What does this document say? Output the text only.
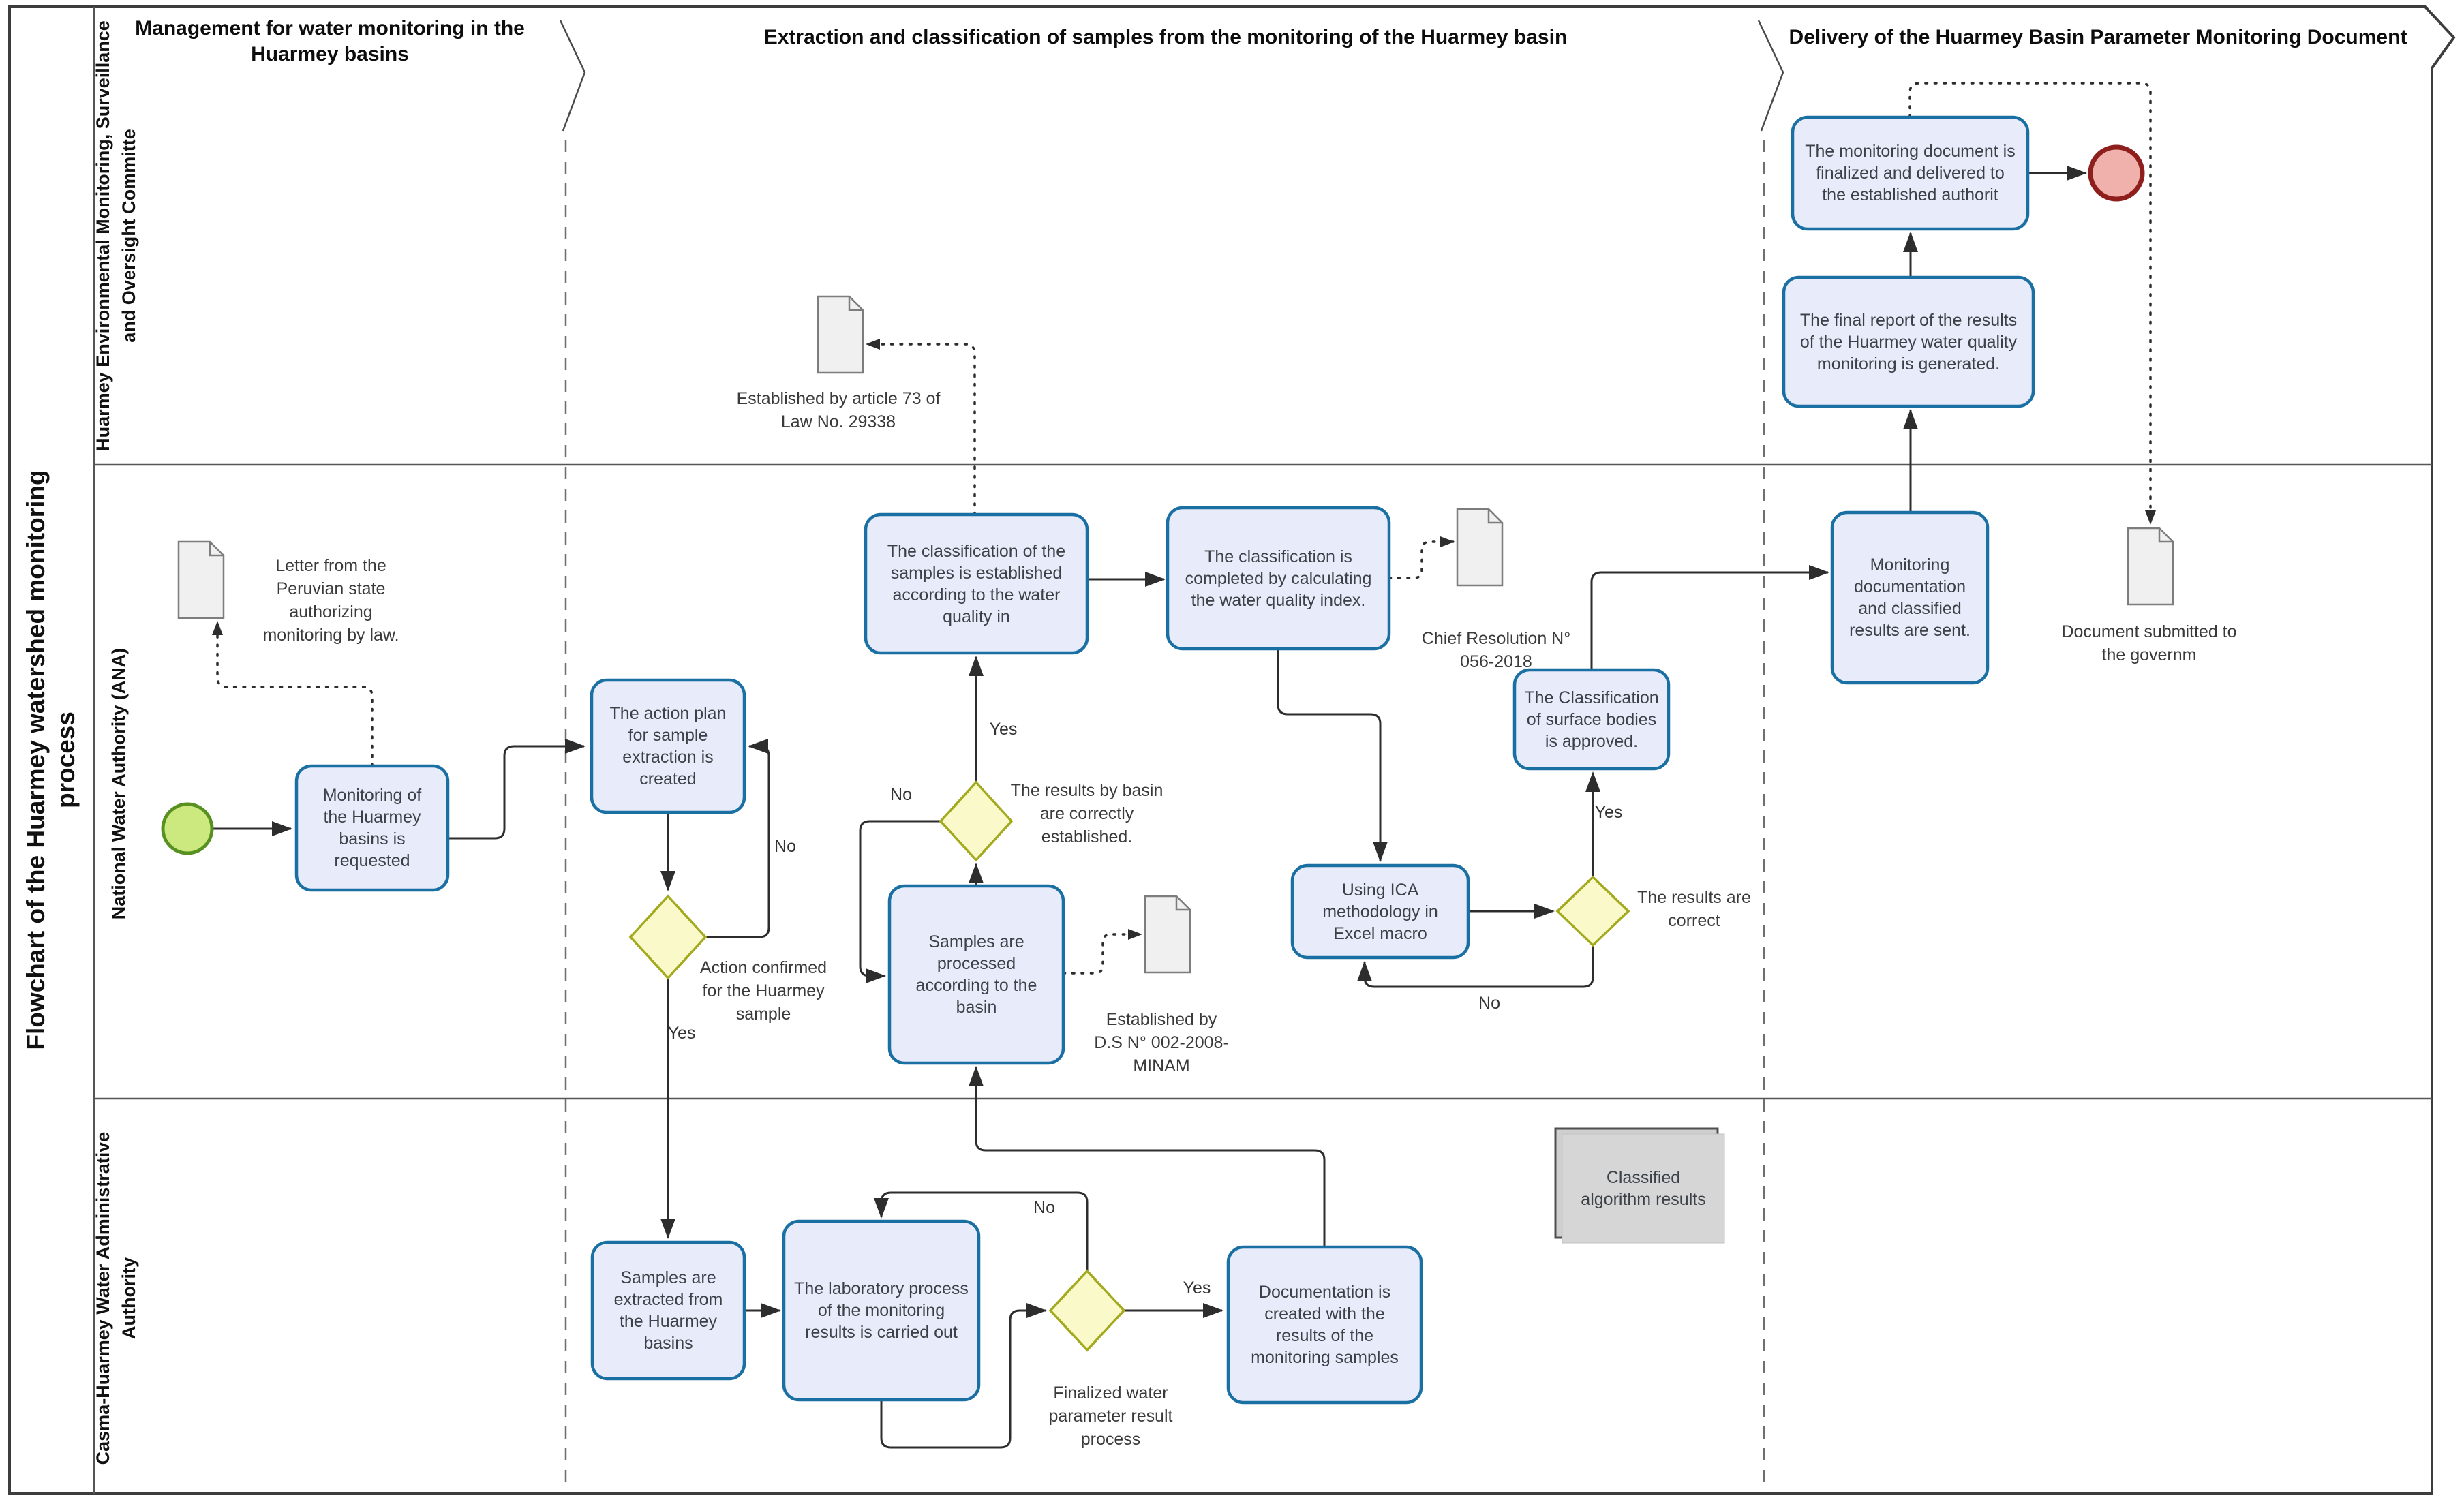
Flowchart of the Huarmey watershed monitoring process
Huarmey Environmental Monitoring, Surveillance and Oversight Committe
National Water Authority (ANA)
Casma-Huarmey Water Administrative Authority
Management for water monitoring in the Huarmey basins
Extraction and classification of samples from the monitoring of the Huarmey basin	Delivery of the Huarmey Basin Parameter Monitoring Document
Monitoring of the Huarmey basins is requested
The action plan for sample extraction is created
Samples are processed according to the basin
The classification of the samples is established according to the water quality in
The classification is completed by calculating the water quality index.
Using ICA methodology in Excel macro
The Classification of surface bodies is approved.
Monitoring documentation and classified results are sent.
The monitoring document is finalized and delivered to the established authorit
The final report of the results of the Huarmey water quality monitoring is generated.
Samples are extracted from the Huarmey basins
The laboratory process of the monitoring results is carried out
Documentation is created with the results of the monitoring samples
Classified algorithm results
Letter from the Peruvian state authorizing monitoring by law.
Established by article 73 of Law No. 29338
Established by D.S N° 002-2008-MINAM
Chief Resolution N° 056-2018
Document submitted to the governm
Action confirmed for the Huarmey sample
The results by basin are correctly established.
The results are correct
Finalized water parameter result process
No
Yes
No
Yes
Yes
No
No
Yes
